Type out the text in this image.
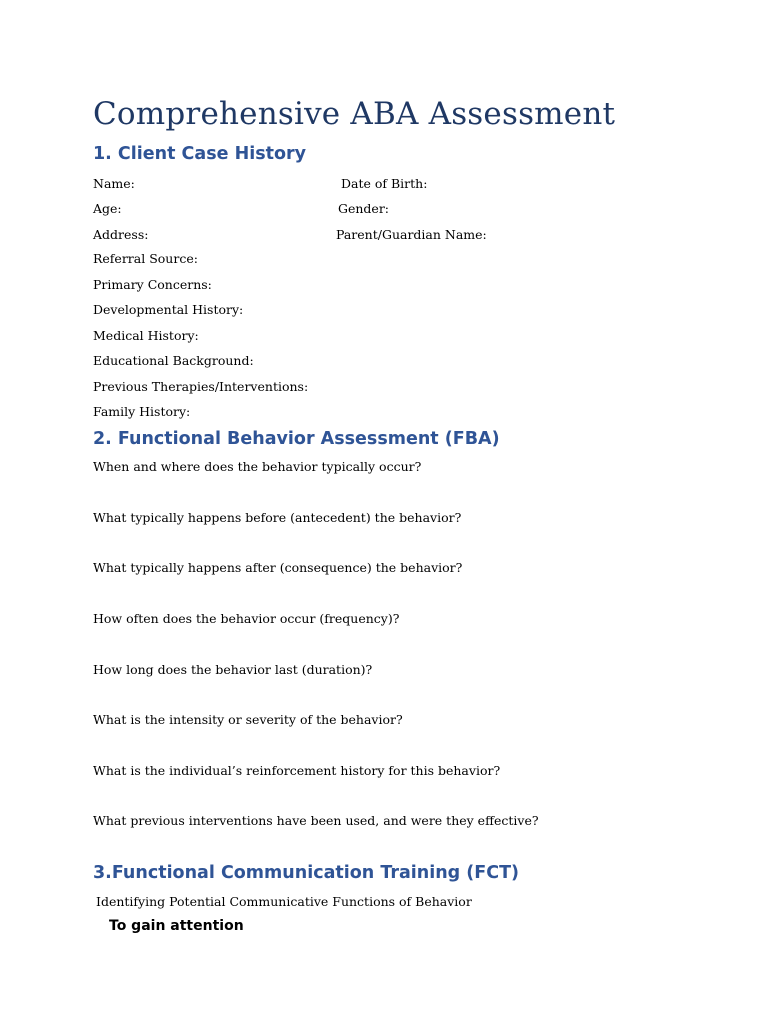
Comprehensive ABA Assessment
1. Client Case History
Name:	Date of Birth:
Age:	Gender:
Address:	Parent/Guardian Name:
Referral Source:
Primary Concerns:
Developmental History:
Medical History:
Educational Background:
Previous Therapies/Interventions:
Family History:
2. Functional Behavior Assessment (FBA)
When and where does the behavior typically occur?
What typically happens before (antecedent) the behavior?
What typically happens after (consequence) the behavior?
How often does the behavior occur (frequency)?
How long does the behavior last (duration)?
What is the intensity or severity of the behavior?
What is the individual’s reinforcement history for this behavior?
What previous interventions have been used, and were they effective?
3.Functional Communication Training (FCT)
Identifying Potential Communicative Functions of Behavior
To gain attention
